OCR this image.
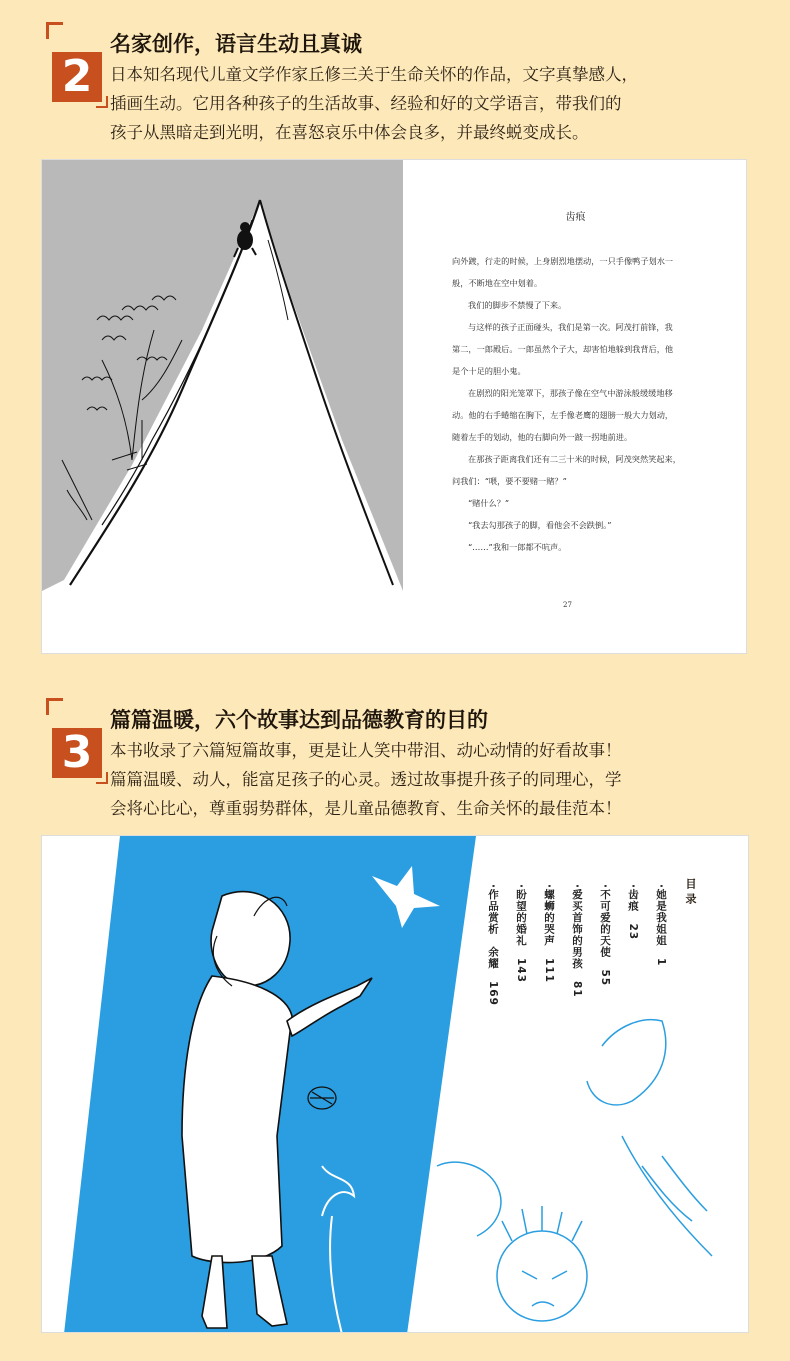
2
名家创作，语言生动且真诚
日本知名现代儿童文学作家丘修三关于生命关怀的作品，文字真挚感人，
插画生动。它用各种孩子的生活故事、经验和好的文学语言，带我们的
孩子从黑暗走到光明，在喜怒哀乐中体会良多，并最终蜕变成长。
齿痕

向外踱，行走的时候，上身剧烈地摆动，一只手像鸭子划水一

般，不断地在空中划着。

我们的脚步不禁慢了下来。

与这样的孩子正面碰头，我们是第一次。阿茂打前锋，我

第二，一郎殿后。一郎虽然个子大，却害怕地躲到我背后，他

是个十足的胆小鬼。

在剧烈的阳光笼罩下，那孩子像在空气中游泳般缓缓地移

动。他的右手蜷缩在胸下，左手像老鹰的翅膀一般大力划动，

随着左手的划动，他的右脚向外一跛一拐地前进。

在那孩子距离我们还有二三十米的时候，阿茂突然笑起来，

问我们：“喂，要不要赌一赌？”

“赌什么？”

“我去勾那孩子的脚，看他会不会跌倒。”

“……”我和一郎都不吭声。

27
3
篇篇温暖，六个故事达到品德教育的目的
本书收录了六篇短篇故事，更是让人笑中带泪、动心动情的好看故事！
篇篇温暖、动人，能富足孩子的心灵。透过故事提升孩子的同理心，学
会将心比心，尊重弱势群体，是儿童品德教育、生命关怀的最佳范本！
目录
·她是我姐姐　1
·齿痕　23
·不可爱的天使　55
·爱买首饰的男孩　81
·螺蛳的哭声　111
·盼望的婚礼　143
·作品赏析　余耀　169
